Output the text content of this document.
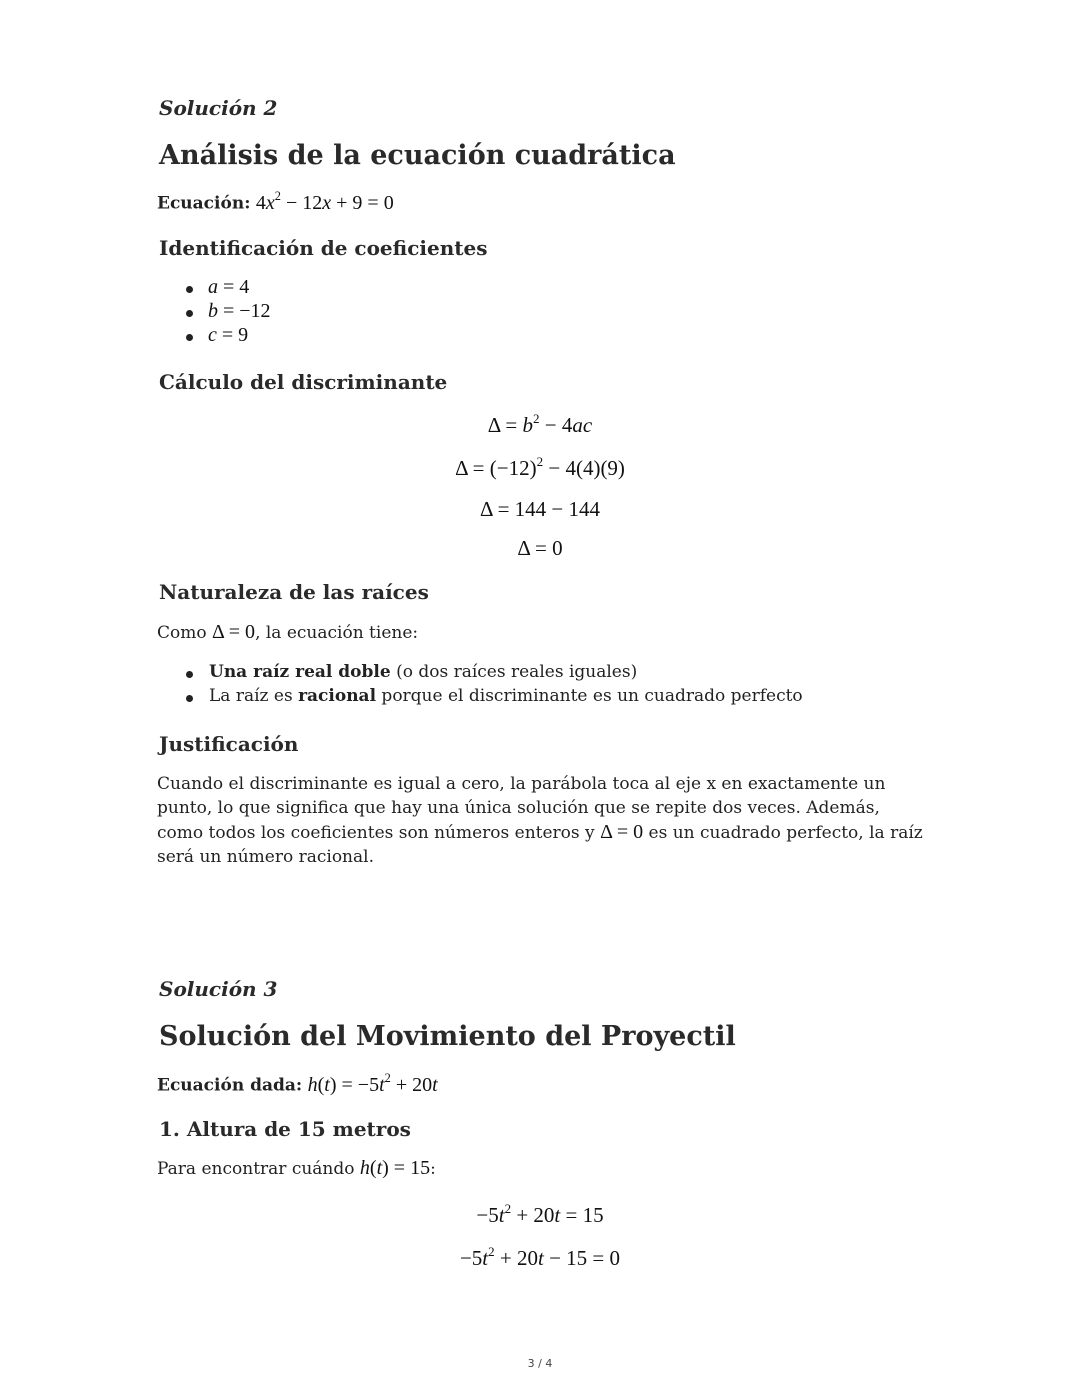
Solución 2
Análisis de la ecuación cuadrática
Ecuación: $4x^2 - 12x + 9 = 0$
Identificación de coeficientes
a = 4
b = −12
c = 9
Cálculo del discriminante
$\Delta = b^2 - 4ac$
$\Delta = (-12)^2 - 4(4)(9)$
Δ = 144 − 144
Δ = 0
Naturaleza de las raíces
Como Δ = 0, la ecuación tiene:
Una raíz real doble (o dos raíces reales iguales)
La raíz es racional porque el discriminante es un cuadrado perfecto
Justificación
Cuando el discriminante es igual a cero, la parábola toca al eje x en exactamente un punto, lo que significa que hay una única solución que se repite dos veces. Además, como todos los coeficientes son números enteros y Δ = 0 es un cuadrado perfecto, la raíz será un número racional.
Solución 3
Solución del Movimiento del Proyectil
Ecuación dada: $h(t) = -5t^2 + 20t$
1. Altura de 15 metros
Para encontrar cuándo h(t) = 15:
$-5t^2 + 20t = 15$
$-5t^2 + 20t - 15 = 0$
3 / 4
